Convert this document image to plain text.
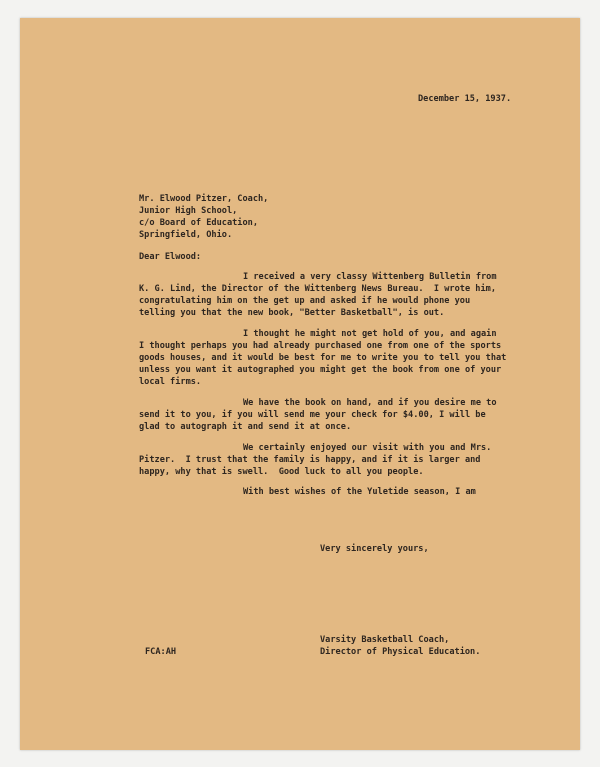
December 15, 1937.
Mr. Elwood Pitzer, Coach,
Junior High School,
c/o Board of Education,
Springfield, Ohio.
Dear Elwood:
I received a very classy Wittenberg Bulletin from
K. G. Lind, the Director of the Wittenberg News Bureau.  I wrote him,
congratulating him on the get up and asked if he would phone you
telling you that the new book, "Better Basketball", is out.
I thought he might not get hold of you, and again
I thought perhaps you had already purchased one from one of the sports
goods houses, and it would be best for me to write you to tell you that
unless you want it autographed you might get the book from one of your
local firms.
We have the book on hand, and if you desire me to
send it to you, if you will send me your check for $4.00, I will be
glad to autograph it and send it at once.
We certainly enjoyed our visit with you and Mrs.
Pitzer.  I trust that the family is happy, and if it is larger and
happy, why that is swell.  Good luck to all you people.
With best wishes of the Yuletide season, I am
Very sincerely yours,
Varsity Basketball Coach,
Director of Physical Education.
FCA:AH
